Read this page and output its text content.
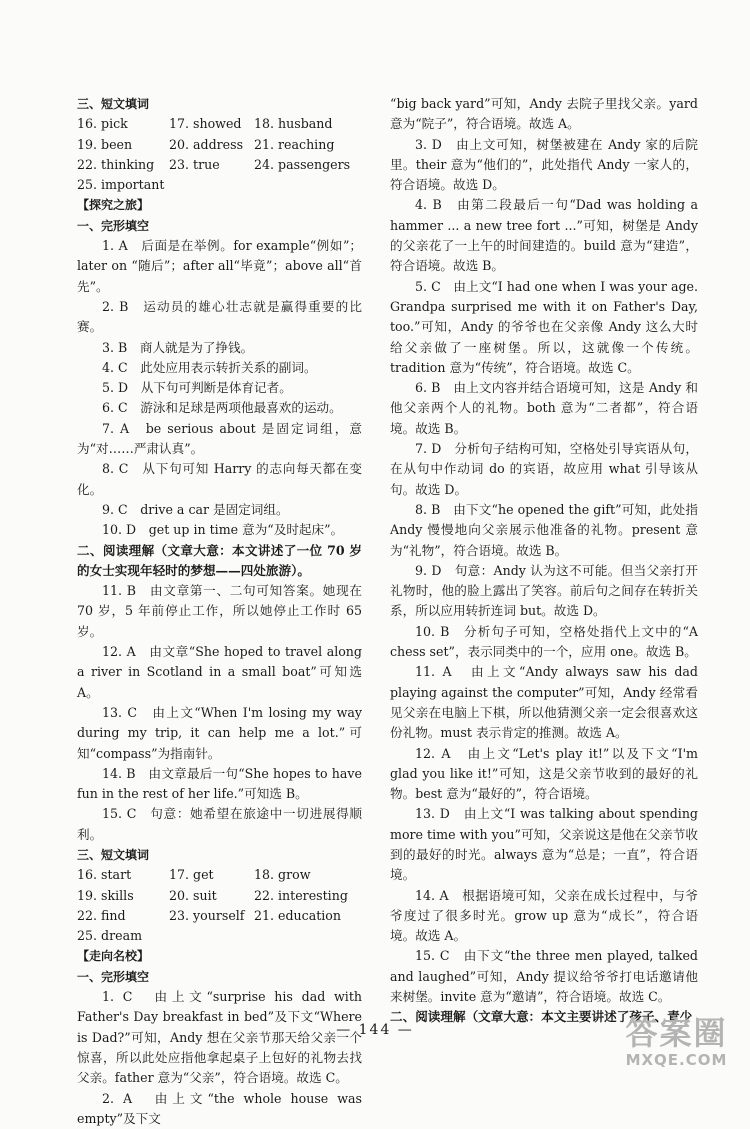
三、短文填词

16. pick	17. showed 18. husband
19. been	20. address 21. reaching
22. thinking	23. true	24. passengers
25. important

【探究之旅】

一、完形填空

1. A　后面是在举例。for example“例如”；later on “随后”；after all“毕竟”；above all“首先”。

2. B　运动员的雄心壮志就是赢得重要的比赛。

3. B　商人就是为了挣钱。

4. C　此处应用表示转折关系的副词。

5. D　从下句可判断是体育记者。

6. C　游泳和足球是两项他最喜欢的运动。

7. A　be serious about 是固定词组，意为“对……严肃认真”。

8. C　从下句可知 Harry 的志向每天都在变化。

9. C　drive a car 是固定词组。

10. D　get up in time 意为“及时起床”。

二、阅读理解（文章大意：本文讲述了一位 70 岁的女士实现年轻时的梦想——四处旅游）。

11. B　由文章第一、二句可知答案。她现在 70 岁，5 年前停止工作，所以她停止工作时 65 岁。

12. A　由文章“She hoped to travel along a river in Scotland in a small boat”可知选 A。

13. C　由上文“When I'm losing my way during my trip, it can help me a lot.”可知“compass”为指南针。

14. B　由文章最后一句“She hopes to have fun in the rest of her life.”可知选 B。

15. C　句意：她希望在旅途中一切进展得顺利。

三、短文填词

16. start	17. get	18. grow
19. skills	20. suit	22. interesting
22. find	23. yourself 21. education
25. dream

【走向名校】

一、完形填空

1. C　由上文“surprise his dad with Father's Day breakfast in bed”及下文“Where is Dad?”可知，Andy 想在父亲节那天给父亲一个惊喜，所以此处应指他拿起桌子上包好的礼物去找父亲。father 意为“父亲”，符合语境。故选 C。

2. A　由上文“the whole house was empty”及下文

“big back yard”可知，Andy 去院子里找父亲。yard 意为“院子”，符合语境。故选 A。

3. D　由上文可知，树堡被建在 Andy 家的后院里。their 意为“他们的”，此处指代 Andy 一家人的，符合语境。故选 D。

4. B　由第二段最后一句“Dad was holding a hammer ... a new tree fort ...”可知，树堡是 Andy 的父亲花了一上午的时间建造的。build 意为“建造”，符合语境。故选 B。

5. C　由上文“I had one when I was your age. Grandpa surprised me with it on Father's Day, too.”可知，Andy 的爷爷也在父亲像 Andy 这么大时给父亲做了一座树堡。所以，这就像一个传统。tradition 意为“传统”，符合语境。故选 C。

6. B　由上文内容并结合语境可知，这是 Andy 和他父亲两个人的礼物。both 意为“二者都”，符合语境。故选 B。

7. D　分析句子结构可知，空格处引导宾语从句，在从句中作动词 do 的宾语，故应用 what 引导该从句。故选 D。

8. B　由下文“he opened the gift”可知，此处指 Andy 慢慢地向父亲展示他准备的礼物。present 意为“礼物”，符合语境。故选 B。

9. D　句意：Andy 认为这不可能。但当父亲打开礼物时，他的脸上露出了笑容。前后句之间存在转折关系，所以应用转折连词 but。故选 D。

10. B　分析句子可知，空格处指代上文中的“A chess set”，表示同类中的一个，应用 one。故选 B。

11. A　由上文“Andy always saw his dad playing against the computer”可知，Andy 经常看见父亲在电脑上下棋，所以他猜测父亲一定会很喜欢这份礼物。must 表示肯定的推测。故选 A。

12. A　由上文“Let's play it!”以及下文“I'm glad you like it!”可知，这是父亲节收到的最好的礼物。best 意为“最好的”，符合语境。

13. D　由上文“I was talking about spending more time with you”可知，父亲说这是他在父亲节收到的最好的时光。always 意为“总是；一直”，符合语境。

14. A　根据语境可知，父亲在成长过程中，与爷爷度过了很多时光。grow up 意为“成长”，符合语境。故选 A。

15. C　由下文“the three men played, talked and laughed”可知，Andy 提议给爷爷打电话邀请他来树堡。invite 意为“邀请”，符合语境。故选 C。

二、阅读理解（文章大意：本文主要讲述了孩子、青少

— 144 —	答案圈
MXQE.COM
